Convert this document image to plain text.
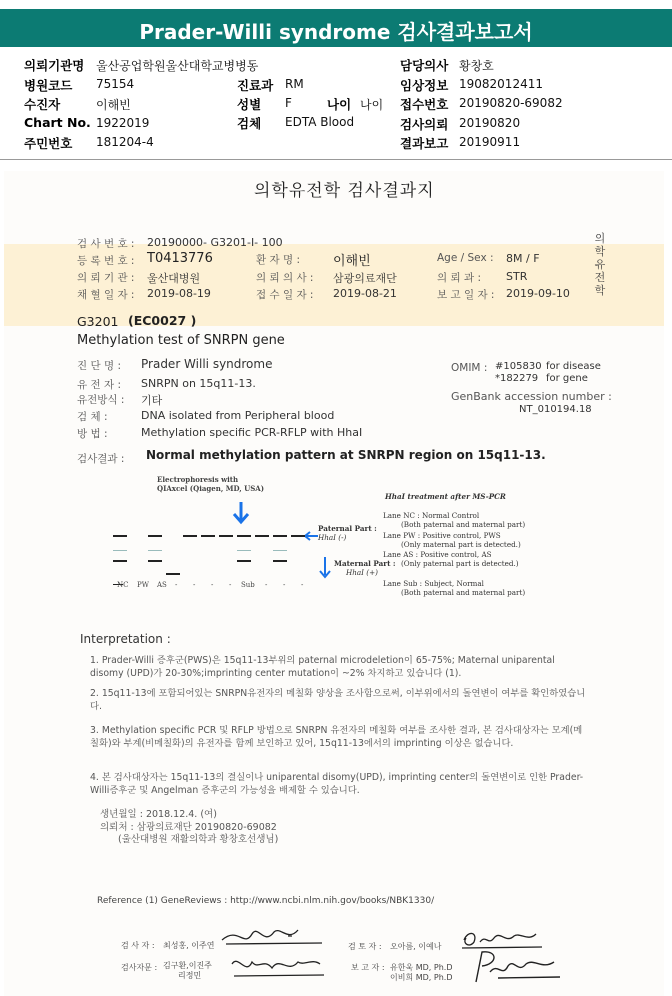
Prader-Willi syndrome 검사결과보고서
의뢰기관명 울산공업학원울산대학교병병동	담당의사 황창호
병원코드 75154	진료과 RM	임상정보 19082012411
수진자	이해빈	성별 F	나이 나이 접수번호 20190820-69082
Chart No. 1922019	검체 EDTA Blood	검사의뢰 20190820
주민번호 181204-4	결과보고 20190911
의학유전학 검사결과지
의학유전학
검 사 번 호 : 20190000- G3201-I- 100
등 록 번 호 : T0413776	환 자 명 :	이해빈	Age / Sex : 8M / F
의 뢰 기 관 : 울산대병원	의 뢰 의 사 : 삼광의료재단	의 뢰 과 : STR
채 혈 일 자 : 2019-08-19	접 수 일 자 : 2019-08-21	보 고 일 자 : 2019-09-10
G3201 (EC0027 )
Methylation test of SNRPN gene
진 단 명 : Prader Willi syndrome
유 전 자 : SNRPN on 15q11-13.
유전방식 : 기타
검 체 :	DNA isolated from Peripheral blood
방 법 :	Methylation specific PCR-RFLP with HhaI
OMIM : #105830 for disease
*182279 for gene
GenBank accession number :
NT_010194.18
검사결과 : Normal methylation pattern at SNRPN region on 15q11-13.
Electrophoresis with
QIAxcel (Qiagen, MD, USA)
NC PW AS - - - - Sub - - -
Paternal Part :
HhaI (-)
Maternal Part :
HhaI (+)
HhaI treatment after MS-PCR
Lane NC : Normal Control
(Both paternal and maternal part)
Lane PW : Positive control, PWS
(Only maternal part is detected.)
Lane AS : Positive control, AS
(Only paternal part is detected.)
Lane Sub : Subject, Normal
(Both paternal and maternal part)
Interpretation :
1. Prader-Willi 증후군(PWS)은 15q11-13부위의 paternal microdeletion이 65-75%; Maternal uniparental disomy (UPD)가 20-30%;imprinting center mutation이 ~2% 차지하고 있습니다 (1).
2. 15q11-13에 포함되어있는 SNRPN유전자의 메칠화 양상을 조사함으로써, 이부위에서의 돌연변이 여부를 확인하였습니다.
3. Methylation specific PCR 및 RFLP 방법으로 SNRPN 유전자의 메칠화 여부를 조사한 결과, 본 검사대상자는 모계(메칠화)와 부계(비메칠화)의 유전자를 함께 보인하고 있어, 15q11-13에서의 imprinting 이상은 없습니다.
4. 본 검사대상자는 15q11-13의 결실이나 uniparental disomy(UPD), imprinting center의 돌연변이로 인한 Prader-Willi증후군 및 Angelman 증후군의 가능성을 배제할 수 있습니다.
생년월일 : 2018.12.4. (여)
의뢰처 : 삼광의료재단 20190820-69082
(울산대병원 재활의학과 황창호선생님)
Reference (1) GeneReviews : http://www.ncbi.nlm.nih.gov/books/NBK1330/
검 사 자 : 최성홍, 이주연
검사자문 : 김구환,이진주
리정민
검 토 자 : 오아름, 이예나
보 고 자 : 유한욱 MD, Ph.D
이비희 MD, Ph.D
